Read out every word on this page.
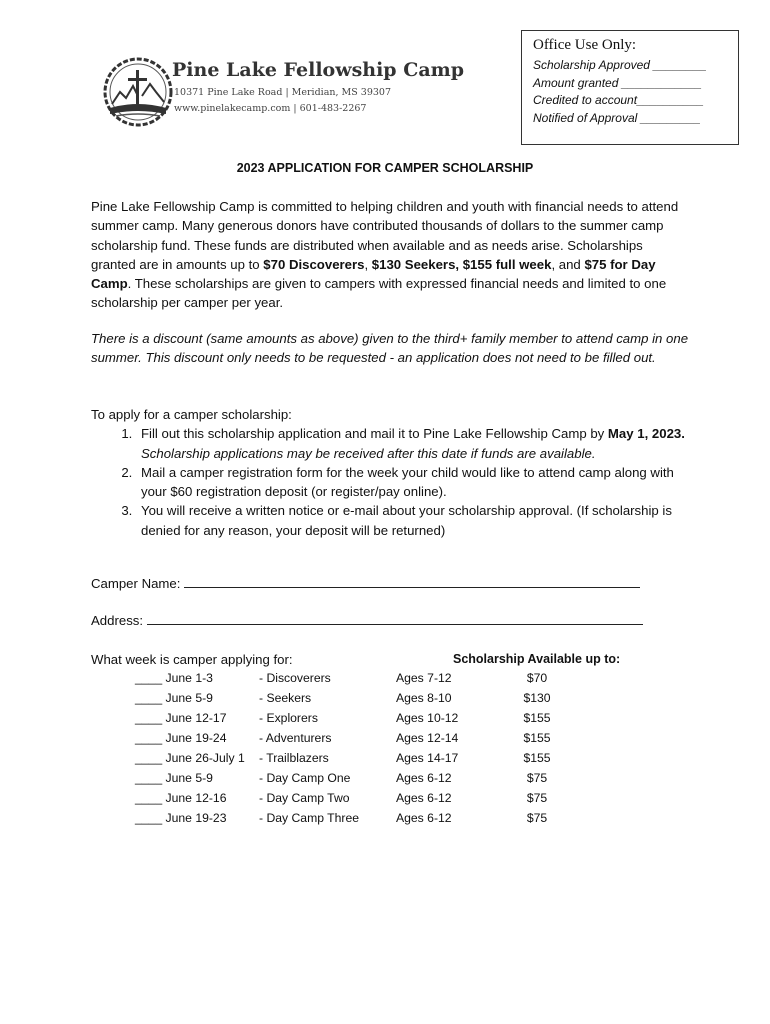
Pine Lake Fellowship Camp
10371 Pine Lake Road | Meridian, MS 39307
www.pinelakecamp.com | 601-483-2267
Office Use Only:
Scholarship Approved ________
Amount granted ____________
Credited to account__________
Notified of Approval _________
2023 APPLICATION FOR CAMPER SCHOLARSHIP
Pine Lake Fellowship Camp is committed to helping children and youth with financial needs to attend summer camp. Many generous donors have contributed thousands of dollars to the summer camp scholarship fund. These funds are distributed when available and as needs arise. Scholarships granted are in amounts up to $70 Discoverers, $130 Seekers, $155 full week, and $75 for Day Camp. These scholarships are given to campers with expressed financial needs and limited to one scholarship per camper per year.
There is a discount (same amounts as above) given to the third+ family member to attend camp in one summer. This discount only needs to be requested - an application does not need to be filled out.
To apply for a camper scholarship:
1. Fill out this scholarship application and mail it to Pine Lake Fellowship Camp by May 1, 2023. Scholarship applications may be received after this date if funds are available.
2. Mail a camper registration form for the week your child would like to attend camp along with your $60 registration deposit (or register/pay online).
3. You will receive a written notice or e-mail about your scholarship approval. (If scholarship is denied for any reason, your deposit will be returned)
Camper Name:
Address:
What week is camper applying for:	Scholarship Available up to:
____ June 1-3	- Discoverers	Ages 7-12	$70
____ June 5-9	- Seekers	Ages 8-10	$130
____ June 12-17	- Explorers	Ages 10-12	$155
____ June 19-24	- Adventurers	Ages 12-14	$155
____ June 26-July 1 - Trailblazers	Ages 14-17	$155
____ June 5-9	- Day Camp One	Ages 6-12	$75
____ June 12-16	- Day Camp Two	Ages 6-12	$75
____ June 19-23	- Day Camp Three	Ages 6-12	$75
